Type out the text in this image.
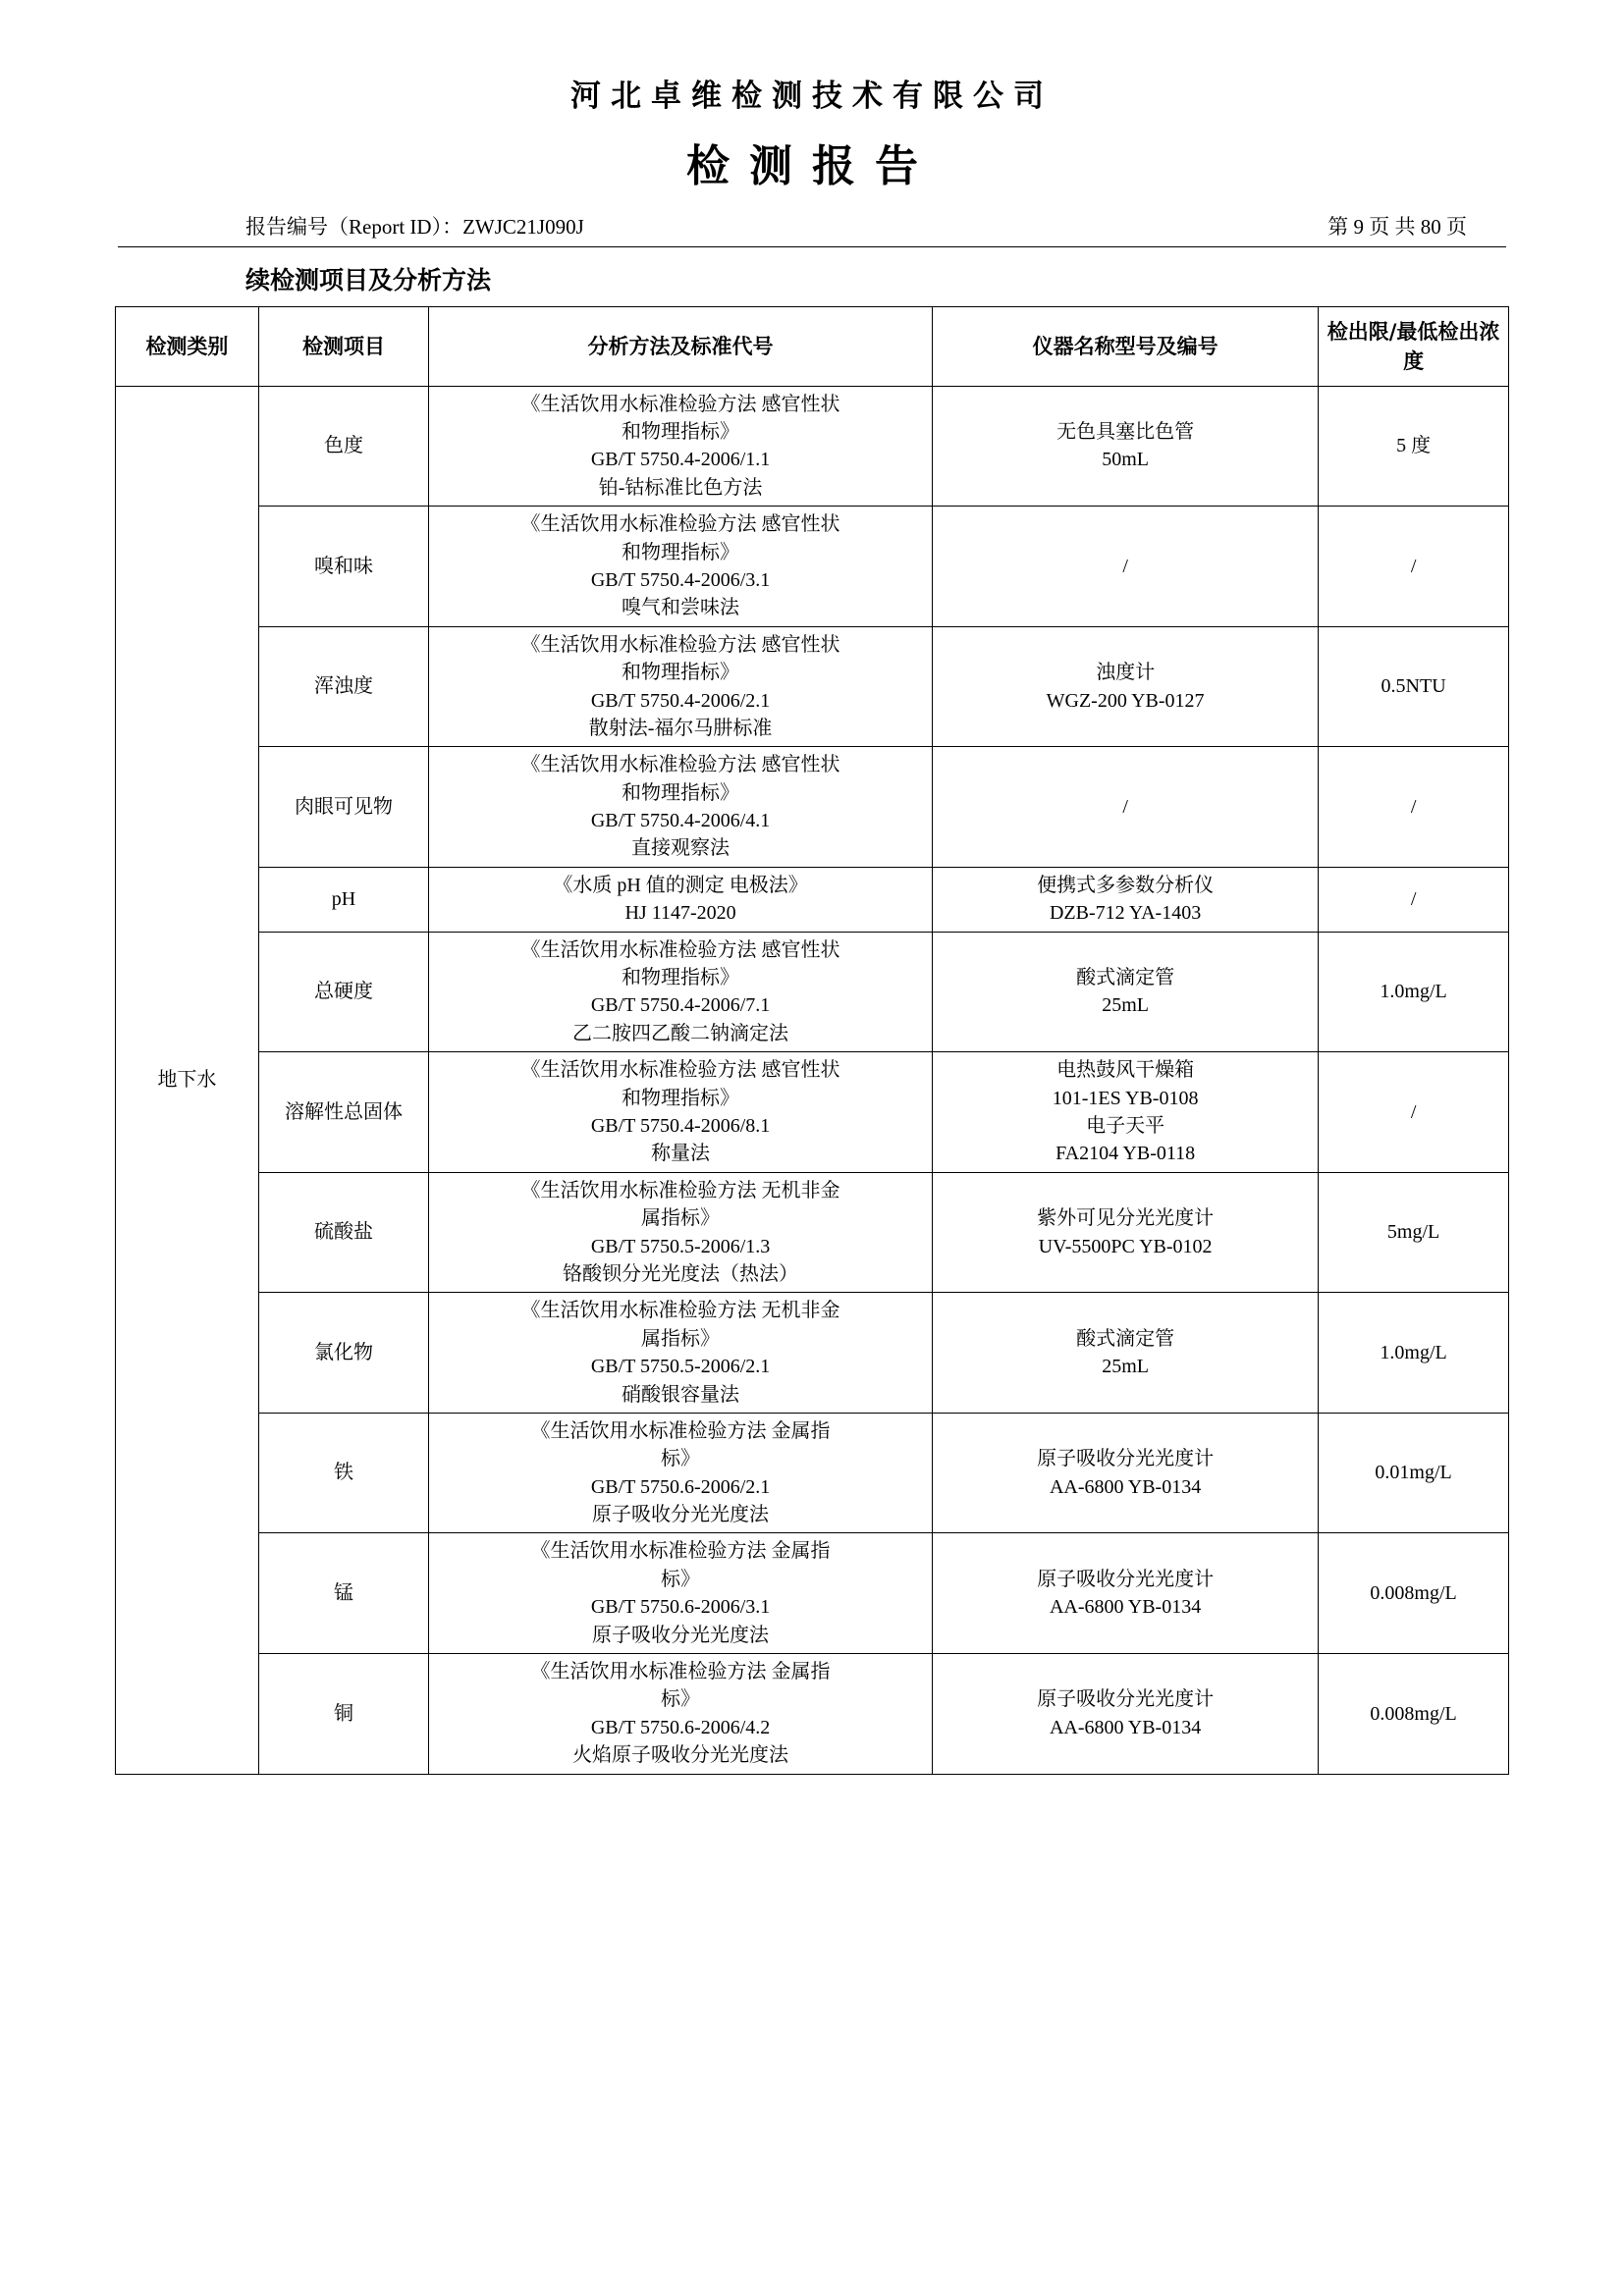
河北卓维检测技术有限公司
检测报告
报告编号（Report ID）：ZWJC21J090J	第 9 页 共 80 页
续检测项目及分析方法
检测类别	检测项目	分析方法及标准代号	仪器名称型号及编号	检出限/最低检出浓度
地下水	色度	《生活饮用水标准检验方法 感官性状
和物理指标》
GB/T 5750.4-2006/1.1
铂-钴标准比色方法	无色具塞比色管
50mL	5 度
	嗅和味	《生活饮用水标准检验方法 感官性状
和物理指标》
GB/T 5750.4-2006/3.1
嗅气和尝味法	/	/
	浑浊度	《生活饮用水标准检验方法 感官性状
和物理指标》
GB/T 5750.4-2006/2.1
散射法-福尔马肼标准	浊度计
WGZ-200 YB-0127	0.5NTU
	肉眼可见物	《生活饮用水标准检验方法 感官性状
和物理指标》
GB/T 5750.4-2006/4.1
直接观察法	/	/
	pH	《水质 pH 值的测定 电极法》
HJ 1147-2020	便携式多参数分析仪
DZB-712 YA-1403	/
	总硬度	《生活饮用水标准检验方法 感官性状
和物理指标》
GB/T 5750.4-2006/7.1
乙二胺四乙酸二钠滴定法	酸式滴定管
25mL	1.0mg/L
	溶解性总固体	《生活饮用水标准检验方法 感官性状
和物理指标》
GB/T 5750.4-2006/8.1
称量法	电热鼓风干燥箱
101-1ES YB-0108
电子天平
FA2104 YB-0118	/
	硫酸盐	《生活饮用水标准检验方法 无机非金
属指标》
GB/T 5750.5-2006/1.3
铬酸钡分光光度法（热法）	紫外可见分光光度计
UV-5500PC YB-0102	5mg/L
	氯化物	《生活饮用水标准检验方法 无机非金
属指标》
GB/T 5750.5-2006/2.1
硝酸银容量法	酸式滴定管
25mL	1.0mg/L
	铁	《生活饮用水标准检验方法 金属指
标》
GB/T 5750.6-2006/2.1
原子吸收分光光度法	原子吸收分光光度计
AA-6800 YB-0134	0.01mg/L
	锰	《生活饮用水标准检验方法 金属指
标》
GB/T 5750.6-2006/3.1
原子吸收分光光度法	原子吸收分光光度计
AA-6800 YB-0134	0.008mg/L
	铜	《生活饮用水标准检验方法 金属指
标》
GB/T 5750.6-2006/4.2
火焰原子吸收分光光度法	原子吸收分光光度计
AA-6800 YB-0134	0.008mg/L
